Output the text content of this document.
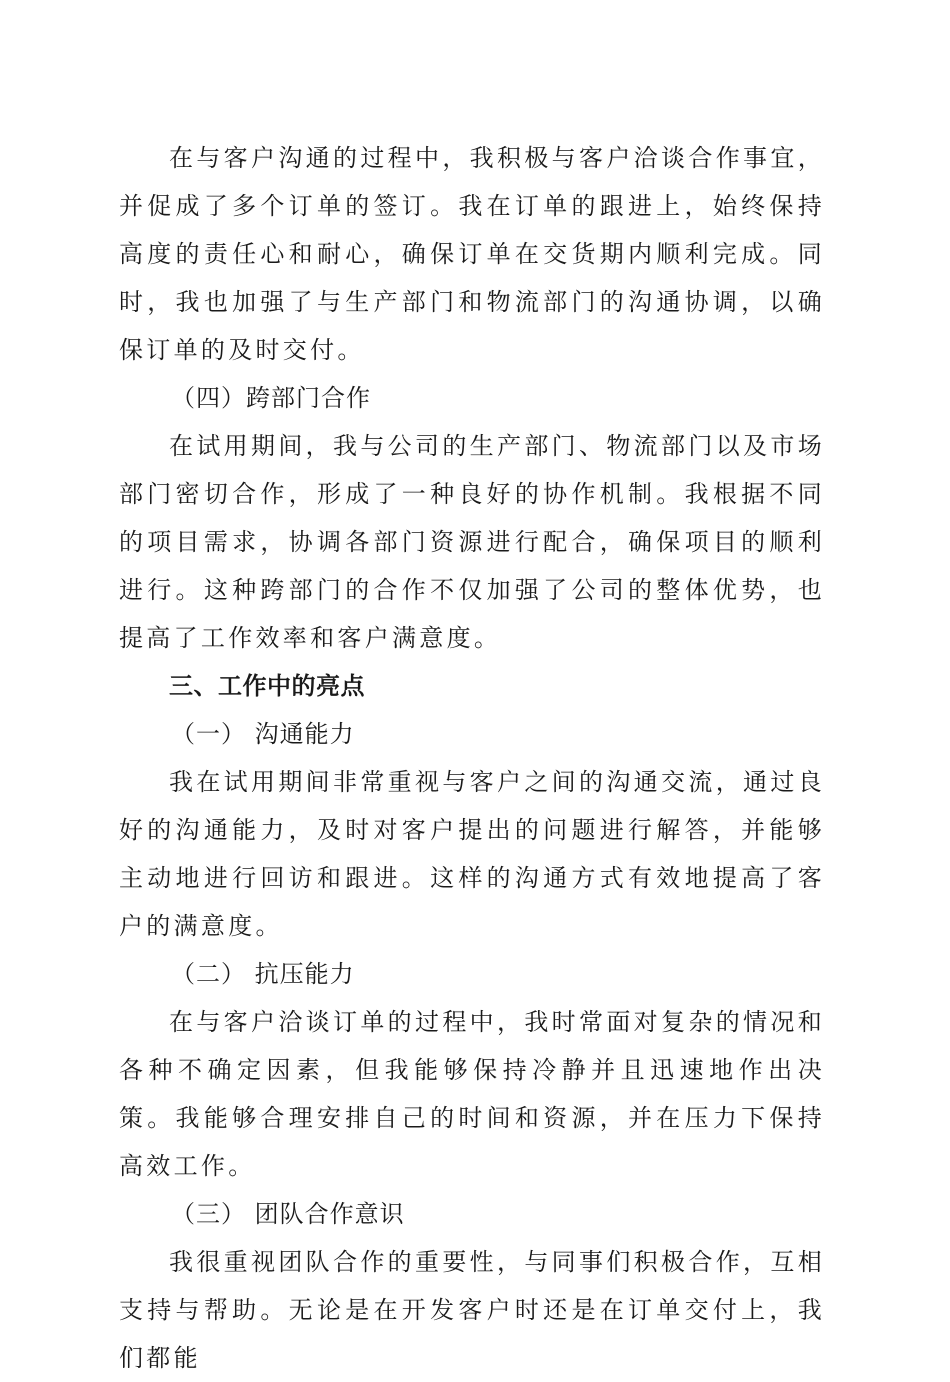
在与客户沟通的过程中，我积极与客户洽谈合作事宜，并促成了多个订单的签订。我在订单的跟进上，始终保持高度的责任心和耐心，确保订单在交货期内顺利完成。同时，我也加强了与生产部门和物流部门的沟通协调，以确保订单的及时交付。

（四）跨部门合作

在试用期间，我与公司的生产部门、物流部门以及市场部门密切合作，形成了一种良好的协作机制。我根据不同的项目需求，协调各部门资源进行配合，确保项目的顺利进行。这种跨部门的合作不仅加强了公司的整体优势，也提高了工作效率和客户满意度。

三、工作中的亮点

（一） 沟通能力

我在试用期间非常重视与客户之间的沟通交流，通过良好的沟通能力，及时对客户提出的问题进行解答，并能够主动地进行回访和跟进。这样的沟通方式有效地提高了客户的满意度。

（二） 抗压能力

在与客户洽谈订单的过程中，我时常面对复杂的情况和各种不确定因素，但我能够保持冷静并且迅速地作出决策。我能够合理安排自己的时间和资源，并在压力下保持高效工作。

（三） 团队合作意识

我很重视团队合作的重要性，与同事们积极合作，互相支持与帮助。无论是在开发客户时还是在订单交付上，我们都能
